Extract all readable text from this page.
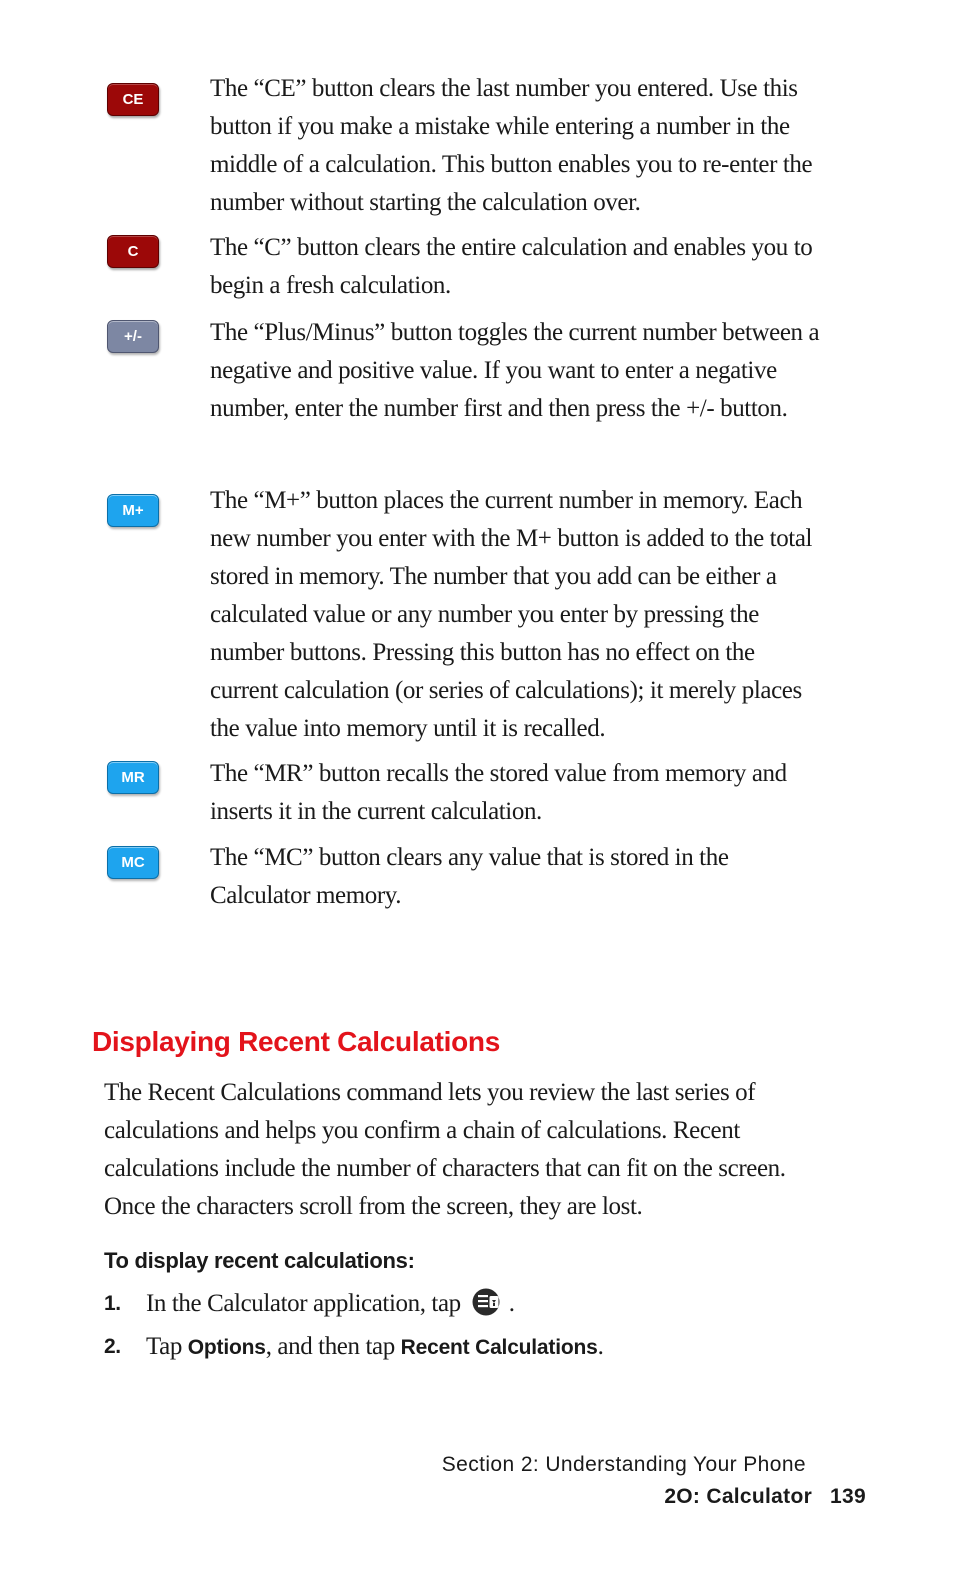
CE	The “CE” button clears the last number you entered. Use this button if you make a mistake while entering a number in the middle of a calculation. This button enables you to re-enter the number without starting the calculation over.
C	The “C” button clears the entire calculation and enables you to begin a fresh calculation.
+/-	The “Plus/Minus” button toggles the current number between a negative and positive value. If you want to enter a negative number, enter the number first and then press the +/- button.
M+	The “M+” button places the current number in memory. Each new number you enter with the M+ button is added to the total stored in memory. The number that you add can be either a calculated value or any number you enter by pressing the number buttons. Pressing this button has no effect on the current calculation (or series of calculations); it merely places the value into memory until it is recalled.
MR	The “MR” button recalls the stored value from memory and inserts it in the current calculation.
MC	The “MC” button clears any value that is stored in the Calculator memory.
Displaying Recent Calculations
The Recent Calculations command lets you review the last series of calculations and helps you confirm a chain of calculations. Recent calculations include the number of characters that can fit on the screen. Once the characters scroll from the screen, they are lost.
To display recent calculations:
1. In the Calculator application, tap .
2. Tap Options, and then tap Recent Calculations.
Section 2: Understanding Your Phone
2O: Calculator 139
